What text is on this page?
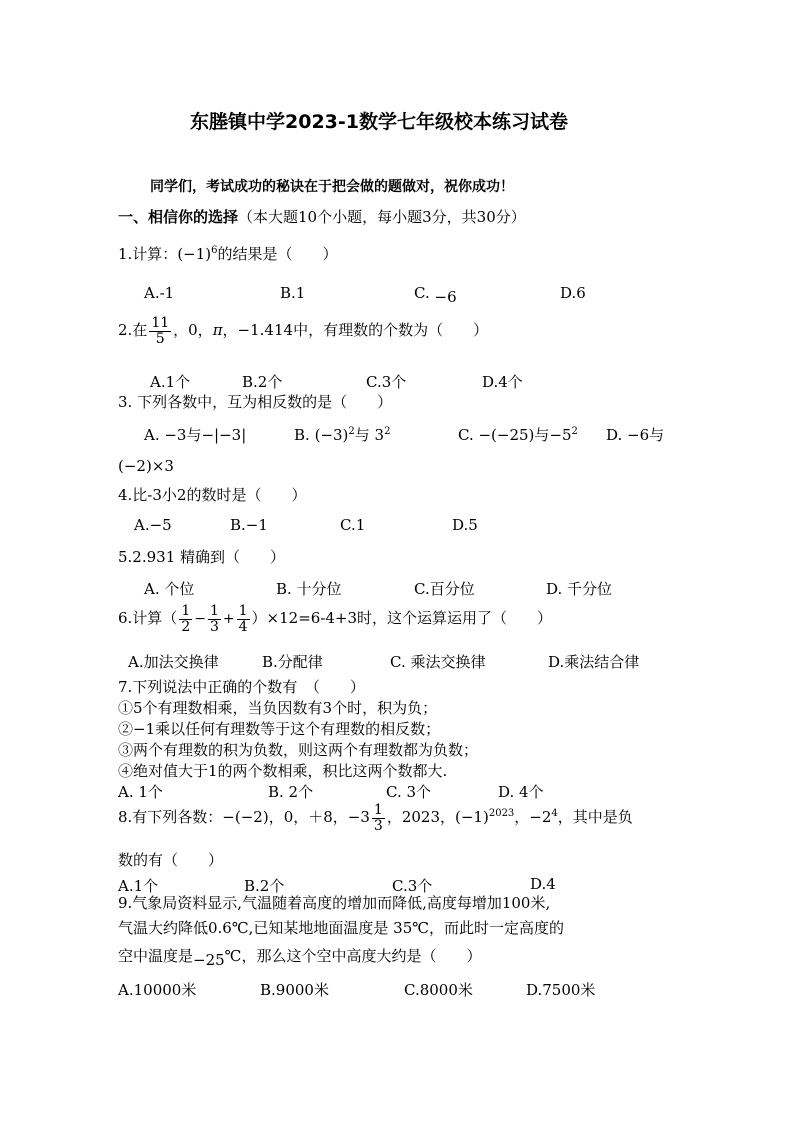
东塍镇中学2023-1数学七年级校本练习试卷
同学们，考试成功的秘诀在于把会做的题做对，祝你成功！
一、相信你的选择（本大题10个小题，每小题3分，共30分）
1.计算：$(-1)^6$的结果是（　　）
A.-1	B.1	C. −6	D.6
2.在 $\frac{11}{5}$ ，0，π，−1.414中，有理数的个数为（　　）
A.1个	B.2个	C.3个	D.4个
3. 下列各数中，互为相反数的是（　　）
A. −3与−|−3|	B. $(-3)^2$与 $3^2$	C. −(−25)与$-5^2$ D. −6与
(−2)×3
4.比-3小2的数时是（　　）
A.−5	B.−1	C.1	D.5
5.2.931 精确到（　　）
A. 个位	B. 十分位	C.百分位	D. 千分位
6.计算（ $\frac{1}{2} - \frac{1}{3} + \frac{1}{4} )\times 12=6-4+3$时，这个运算运用了（　　）
A.加法交换律	B.分配律	C. 乘法交换律	D.乘法结合律
7.下列说法中正确的个数有　（　　）
①5个有理数相乘，当负因数有3个时，积为负；
②−1乘以任何有理数等于这个有理数的相反数；
③两个有理数的积为负数，则这两个有理数都为负数；
④绝对值大于1的两个数相乘，积比这两个数都大.
A. 1个	B. 2个	C. 3个	D. 4个
8.有下列各数：−(−2)，0，＋8，$-3 \frac{1}{3}$ ，2023，$(-1)^{2023}$，$-2^4$，其中是负
数的有（　　）
A.1个	B.2个	C.3个	D.4
9.气象局资料显示,气温随着高度的增加而降低,高度每增加100米,
气温大约降低0.6℃,已知某地地面温度是 35℃，而此时一定高度的
空中温度是−25℃，那么这个空中高度大约是（　　）
A.10000米	B.9000米	C.8000米	D.7500米
